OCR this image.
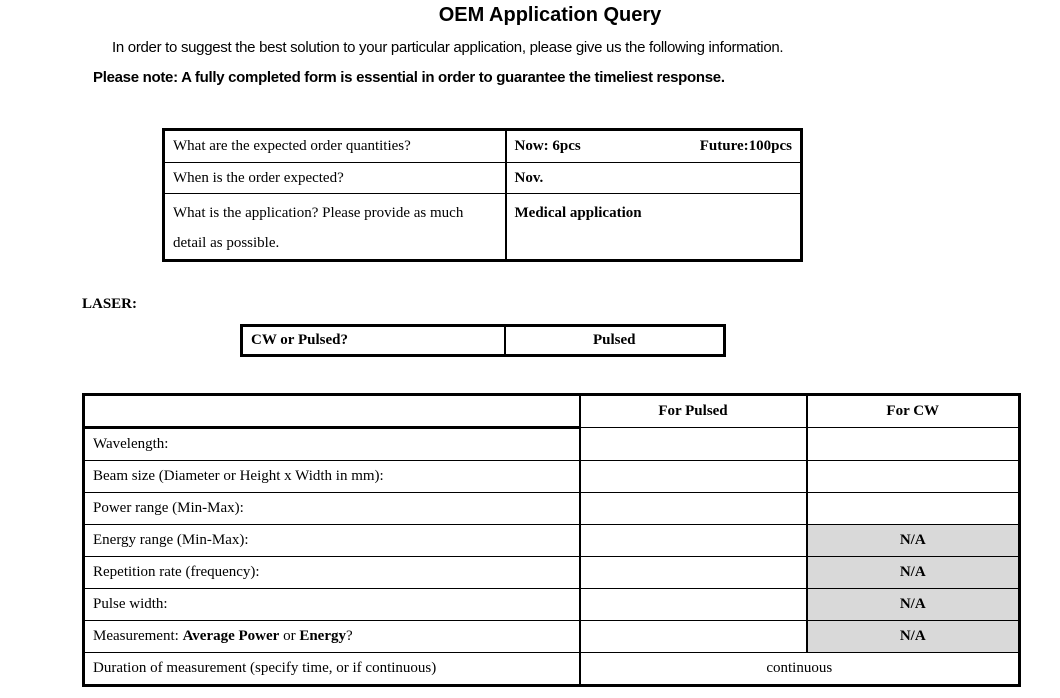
OEM Application Query
In order to suggest the best solution to your particular application, please give us the following information.
Please note: A fully completed form is essential in order to guarantee the timeliest response.
What are the expected order quantities?	Now: 6pcs Future:100pcs

When is the order expected?	Nov.
What is the application? Please provide as much detail as possible.	Medical application
LASER:
CW or Pulsed?	Pulsed
	For Pulsed	For CW
Wavelength:		
Beam size (Diameter or Height x Width in mm):		
Power range (Min-Max):		
Energy range (Min-Max):		N/A
Repetition rate (frequency):		N/A
Pulse width:		N/A
Measurement: Average Power or Energy?		N/A
Duration of measurement (specify time, or if continuous)	continuous	
